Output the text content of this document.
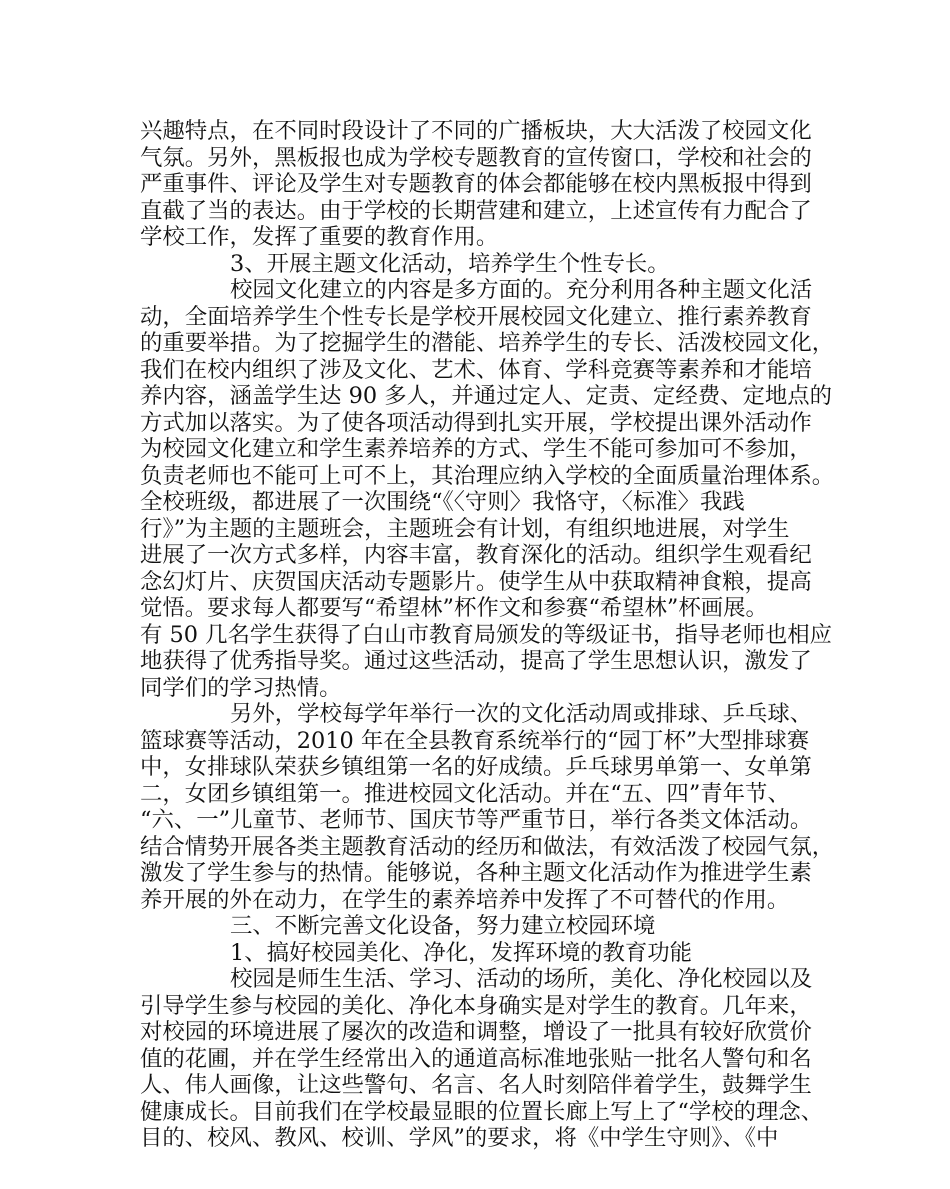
兴趣特点，在不同时段设计了不同的广播板块，大大活泼了校园文化
气氛。另外，黑板报也成为学校专题教育的宣传窗口，学校和社会的
严重事件、评论及学生对专题教育的体会都能够在校内黑板报中得到
直截了当的表达。由于学校的长期营建和建立，上述宣传有力配合了
学校工作，发挥了重要的教育作用。
3、开展主题文化活动，培养学生个性专长。
校园文化建立的内容是多方面的。充分利用各种主题文化活
动，全面培养学生个性专长是学校开展校园文化建立、推行素养教育
的重要举措。为了挖掘学生的潜能、培养学生的专长、活泼校园文化，
我们在校内组织了涉及文化、艺术、体育、学科竞赛等素养和才能培
养内容，涵盖学生达 90 多人，并通过定人、定责、定经费、定地点的
方式加以落实。为了使各项活动得到扎实开展，学校提出课外活动作
为校园文化建立和学生素养培养的方式、学生不能可参加可不参加，
负责老师也不能可上可不上，其治理应纳入学校的全面质量治理体系。
全校班级，都进展了一次围绕“《〈守则〉我恪守，〈标准〉我践
行》”为主题的主题班会，主题班会有计划，有组织地进展，对学生
进展了一次方式多样，内容丰富，教育深化的活动。组织学生观看纪
念幻灯片、庆贺国庆活动专题影片。使学生从中获取精神食粮，提高
觉悟。要求每人都要写“希望林”杯作文和参赛“希望林”杯画展。
有 50 几名学生获得了白山市教育局颁发的等级证书，指导老师也相应
地获得了优秀指导奖。通过这些活动，提高了学生思想认识，激发了
同学们的学习热情。
另外，学校每学年举行一次的文化活动周或排球、乒乓球、
篮球赛等活动，2010 年在全县教育系统举行的“园丁杯”大型排球赛
中，女排球队荣获乡镇组第一名的好成绩。乒乓球男单第一、女单第
二，女团乡镇组第一。推进校园文化活动。并在“五、四”青年节、
“六、一”儿童节、老师节、国庆节等严重节日，举行各类文体活动。
结合情势开展各类主题教育活动的经历和做法，有效活泼了校园气氛，
激发了学生参与的热情。能够说，各种主题文化活动作为推进学生素
养开展的外在动力，在学生的素养培养中发挥了不可替代的作用。
三、不断完善文化设备，努力建立校园环境
1、搞好校园美化、净化，发挥环境的教育功能
校园是师生生活、学习、活动的场所，美化、净化校园以及
引导学生参与校园的美化、净化本身确实是对学生的教育。几年来，
对校园的环境进展了屡次的改造和调整，增设了一批具有较好欣赏价
值的花圃，并在学生经常出入的通道高标准地张贴一批名人警句和名
人、伟人画像，让这些警句、名言、名人时刻陪伴着学生，鼓舞学生
健康成长。目前我们在学校最显眼的位置长廊上写上了“学校的理念、
目的、校风、教风、校训、学风”的要求，将《中学生守则》、《中
